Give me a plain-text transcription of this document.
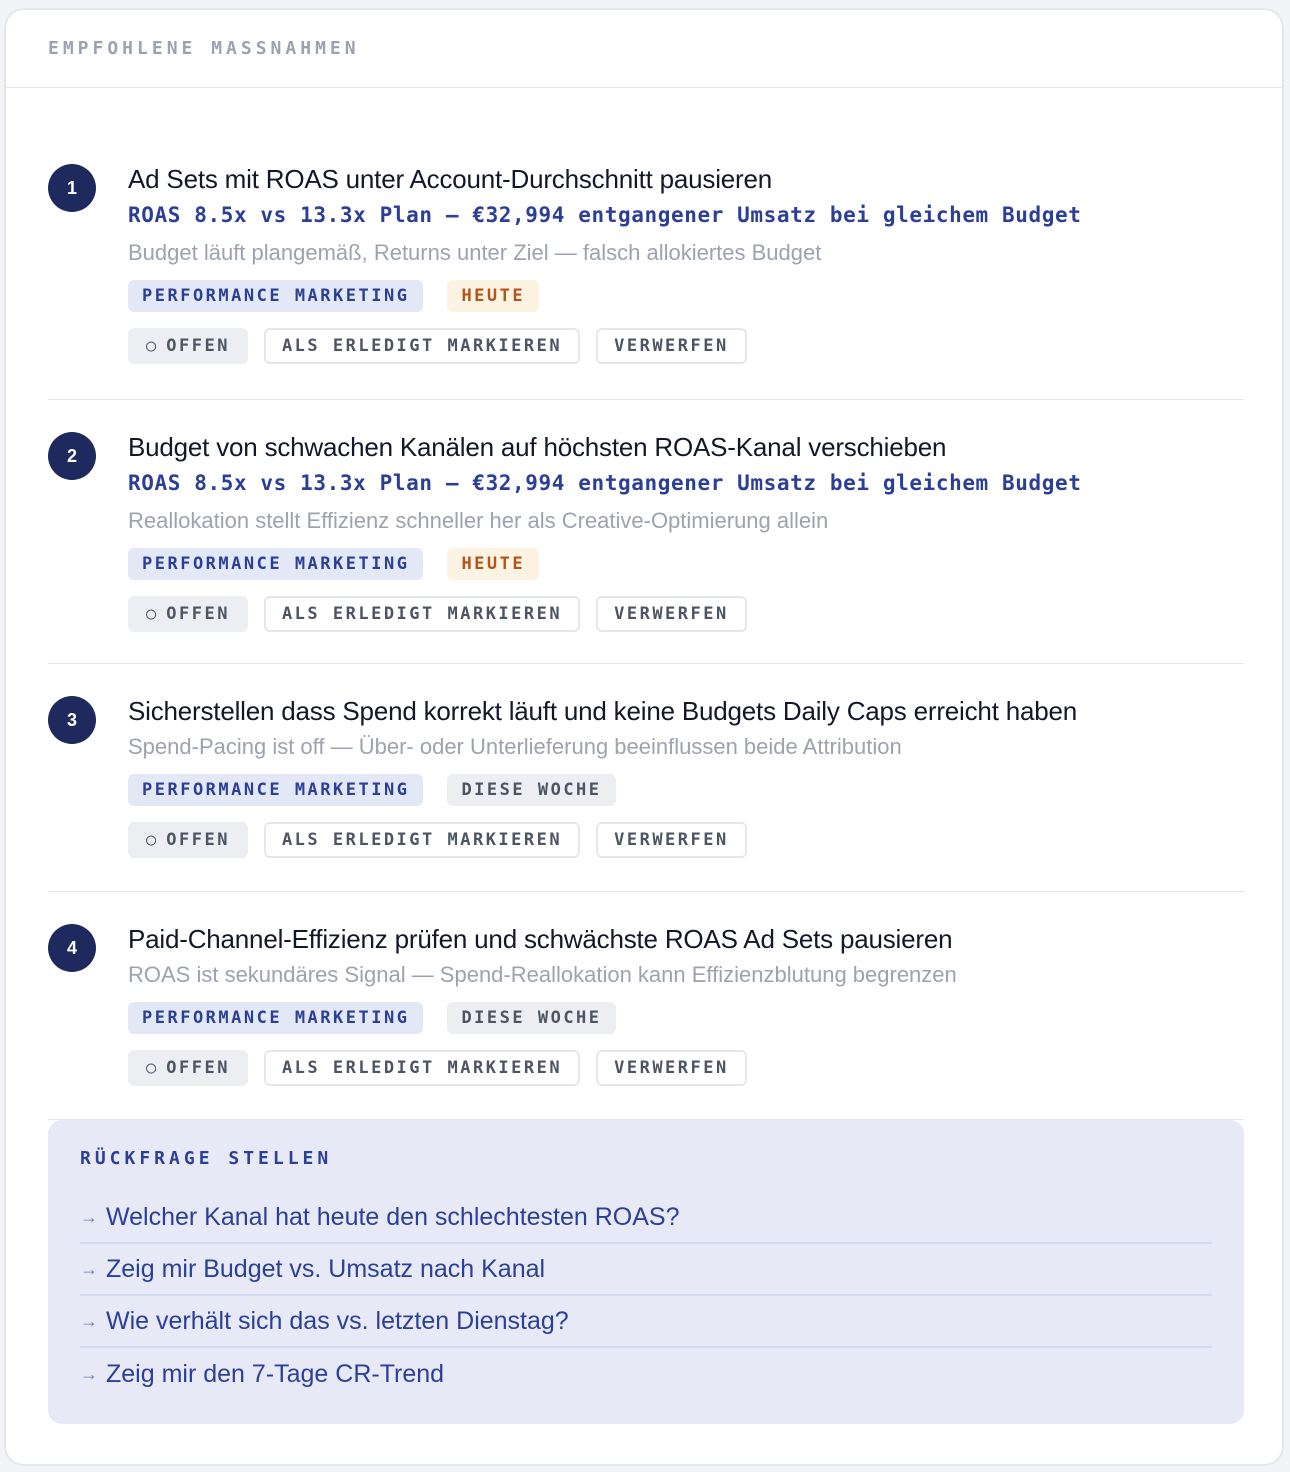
EMPFOHLENE MASSNAHMEN
1	Ad Sets mit ROAS unter Account-Durchschnitt pausieren
ROAS 8.5x vs 13.3x Plan — €32,994 entgangener Umsatz bei gleichem Budget
Budget läuft plangemäß, Returns unter Ziel — falsch allokiertes Budget
PERFORMANCE MARKETING	HEUTE
○ OFFEN	ALS ERLEDIGT MARKIEREN	VERWERFEN
2	Budget von schwachen Kanälen auf höchsten ROAS-Kanal verschieben
ROAS 8.5x vs 13.3x Plan — €32,994 entgangener Umsatz bei gleichem Budget
Reallokation stellt Effizienz schneller her als Creative-Optimierung allein
PERFORMANCE MARKETING	HEUTE
○ OFFEN	ALS ERLEDIGT MARKIEREN	VERWERFEN
3	Sicherstellen dass Spend korrekt läuft und keine Budgets Daily Caps erreicht haben
Spend-Pacing ist off — Über- oder Unterlieferung beeinflussen beide Attribution
PERFORMANCE MARKETING	DIESE WOCHE
○ OFFEN	ALS ERLEDIGT MARKIEREN	VERWERFEN
4	Paid-Channel-Effizienz prüfen und schwächste ROAS Ad Sets pausieren
ROAS ist sekundäres Signal — Spend-Reallokation kann Effizienzblutung begrenzen
PERFORMANCE MARKETING	DIESE WOCHE
○ OFFEN	ALS ERLEDIGT MARKIEREN	VERWERFEN
RÜCKFRAGE STELLEN
→ Welcher Kanal hat heute den schlechtesten ROAS?
→ Zeig mir Budget vs. Umsatz nach Kanal
→ Wie verhält sich das vs. letzten Dienstag?
→ Zeig mir den 7-Tage CR-Trend
